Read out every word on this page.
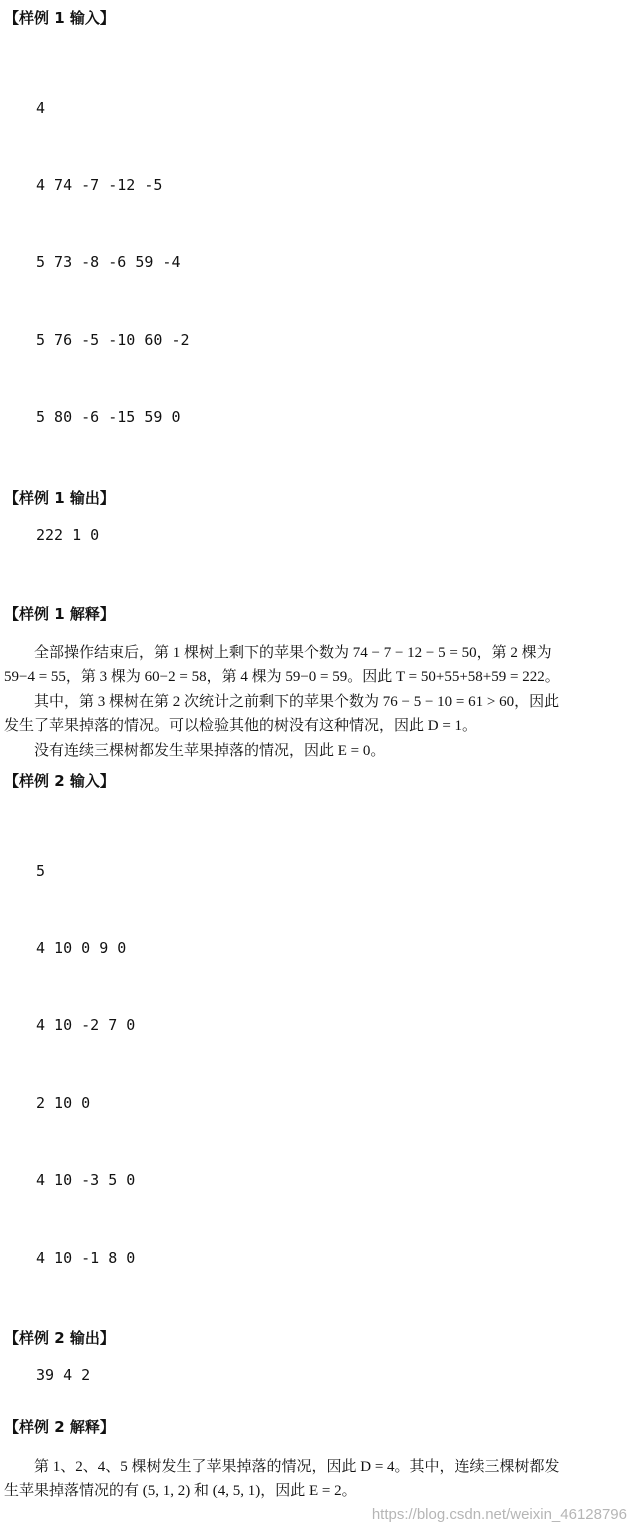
【样例 1 输入】

4

4 74 -7 -12 -5

5 73 -8 -6 59 -4

5 76 -5 -10 60 -2

5 80 -6 -15 59 0

【样例 1 输出】
222 1 0
【样例 1 解释】
全部操作结束后，第 1 棵树上剩下的苹果个数为 74 − 7 − 12 − 5 = 50，第 2 棵为
59−4 = 55，第 3 棵为 60−2 = 58，第 4 棵为 59−0 = 59。因此 T = 50+55+58+59 = 222。
其中，第 3 棵树在第 2 次统计之前剩下的苹果个数为 76 − 5 − 10 = 61 > 60，因此
发生了苹果掉落的情况。可以检验其他的树没有这种情况，因此 D = 1。
没有连续三棵树都发生苹果掉落的情况，因此 E = 0。
【样例 2 输入】

5

4 10 0 9 0

4 10 -2 7 0

2 10 0

4 10 -3 5 0

4 10 -1 8 0

【样例 2 输出】
39 4 2
【样例 2 解释】
第 1、2、4、5 棵树发生了苹果掉落的情况，因此 D = 4。其中，连续三棵树都发
生苹果掉落情况的有 (5, 1, 2) 和 (4, 5, 1)，因此 E = 2。
https://blog.csdn.net/weixin_46128796
